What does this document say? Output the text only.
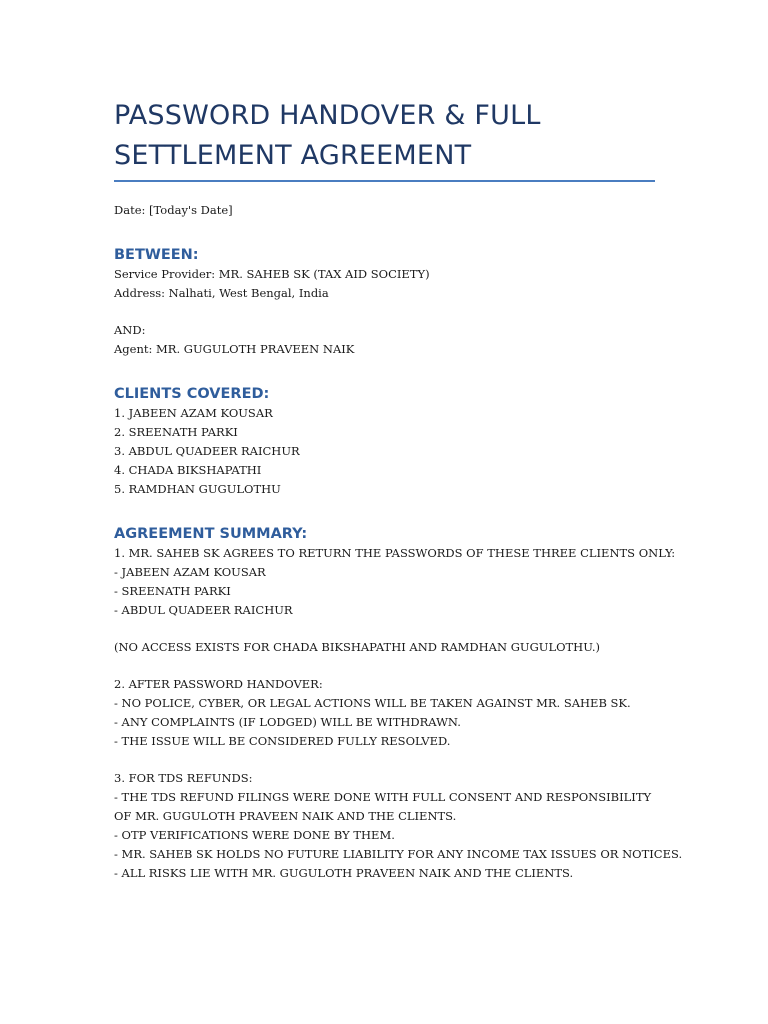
PASSWORD HANDOVER & FULL
SETTLEMENT AGREEMENT
Date: [Today's Date]
BETWEEN:
Service Provider: MR. SAHEB SK (TAX AID SOCIETY)
Address: Nalhati, West Bengal, India
AND:
Agent: MR. GUGULOTH PRAVEEN NAIK
CLIENTS COVERED:
1. JABEEN AZAM KOUSAR
2. SREENATH PARKI
3. ABDUL QUADEER RAICHUR
4. CHADA BIKSHAPATHI
5. RAMDHAN GUGULOTHU
AGREEMENT SUMMARY:
1. MR. SAHEB SK AGREES TO RETURN THE PASSWORDS OF THESE THREE CLIENTS ONLY:
- JABEEN AZAM KOUSAR
- SREENATH PARKI
- ABDUL QUADEER RAICHUR
(NO ACCESS EXISTS FOR CHADA BIKSHAPATHI AND RAMDHAN GUGULOTHU.)
2. AFTER PASSWORD HANDOVER:
- NO POLICE, CYBER, OR LEGAL ACTIONS WILL BE TAKEN AGAINST MR. SAHEB SK.
- ANY COMPLAINTS (IF LODGED) WILL BE WITHDRAWN.
- THE ISSUE WILL BE CONSIDERED FULLY RESOLVED.
3. FOR TDS REFUNDS:
- THE TDS REFUND FILINGS WERE DONE WITH FULL CONSENT AND RESPONSIBILITY OF MR. GUGULOTH PRAVEEN NAIK AND THE CLIENTS.
- OTP VERIFICATIONS WERE DONE BY THEM.
- MR. SAHEB SK HOLDS NO FUTURE LIABILITY FOR ANY INCOME TAX ISSUES OR NOTICES.
- ALL RISKS LIE WITH MR. GUGULOTH PRAVEEN NAIK AND THE CLIENTS.
